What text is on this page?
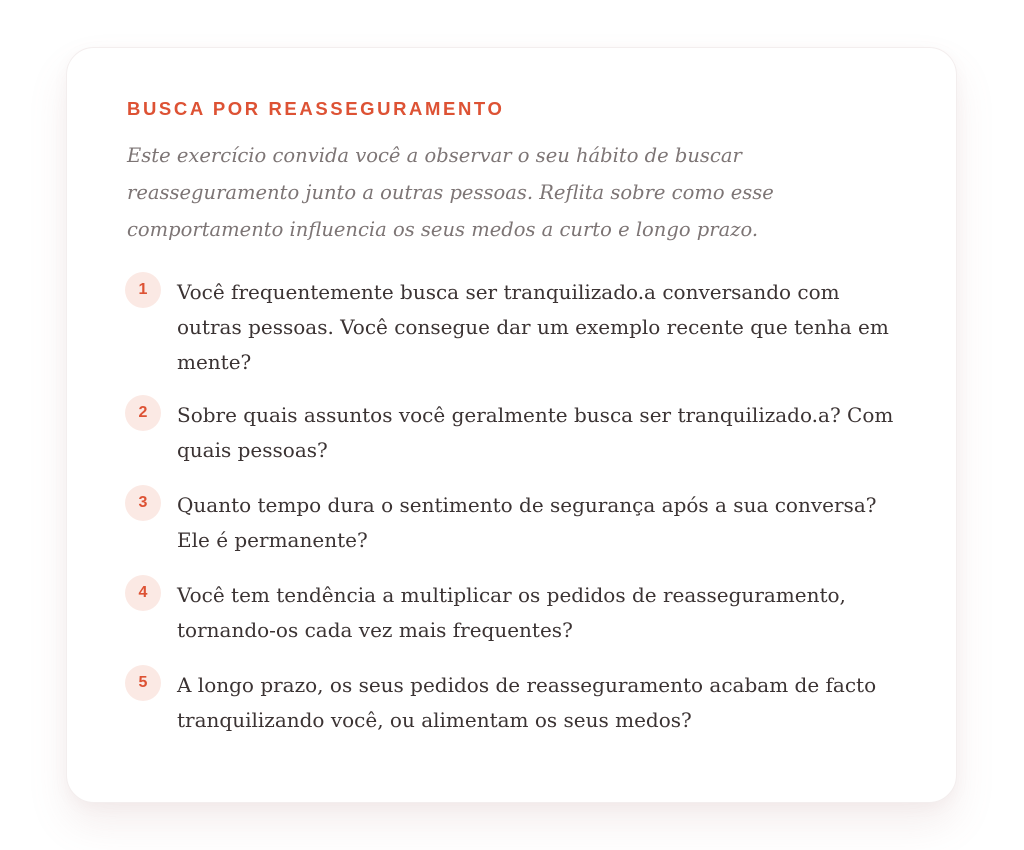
BUSCA POR REASSEGURAMENTO

Este exercício convida você a observar o seu hábito de buscar reasseguramento junto a outras pessoas. Reflita sobre como esse comportamento influencia os seus medos a curto e longo prazo.

1	Você frequentemente busca ser tranquilizado.a conversando com outras pessoas. Você consegue dar um exemplo recente que tenha em mente?
2	Sobre quais assuntos você geralmente busca ser tranquilizado.a? Com quais pessoas?
3	Quanto tempo dura o sentimento de segurança após a sua conversa? Ele é permanente?
4	Você tem tendência a multiplicar os pedidos de reasseguramento, tornando-os cada vez mais frequentes?
5	A longo prazo, os seus pedidos de reasseguramento acabam de facto tranquilizando você, ou alimentam os seus medos?
